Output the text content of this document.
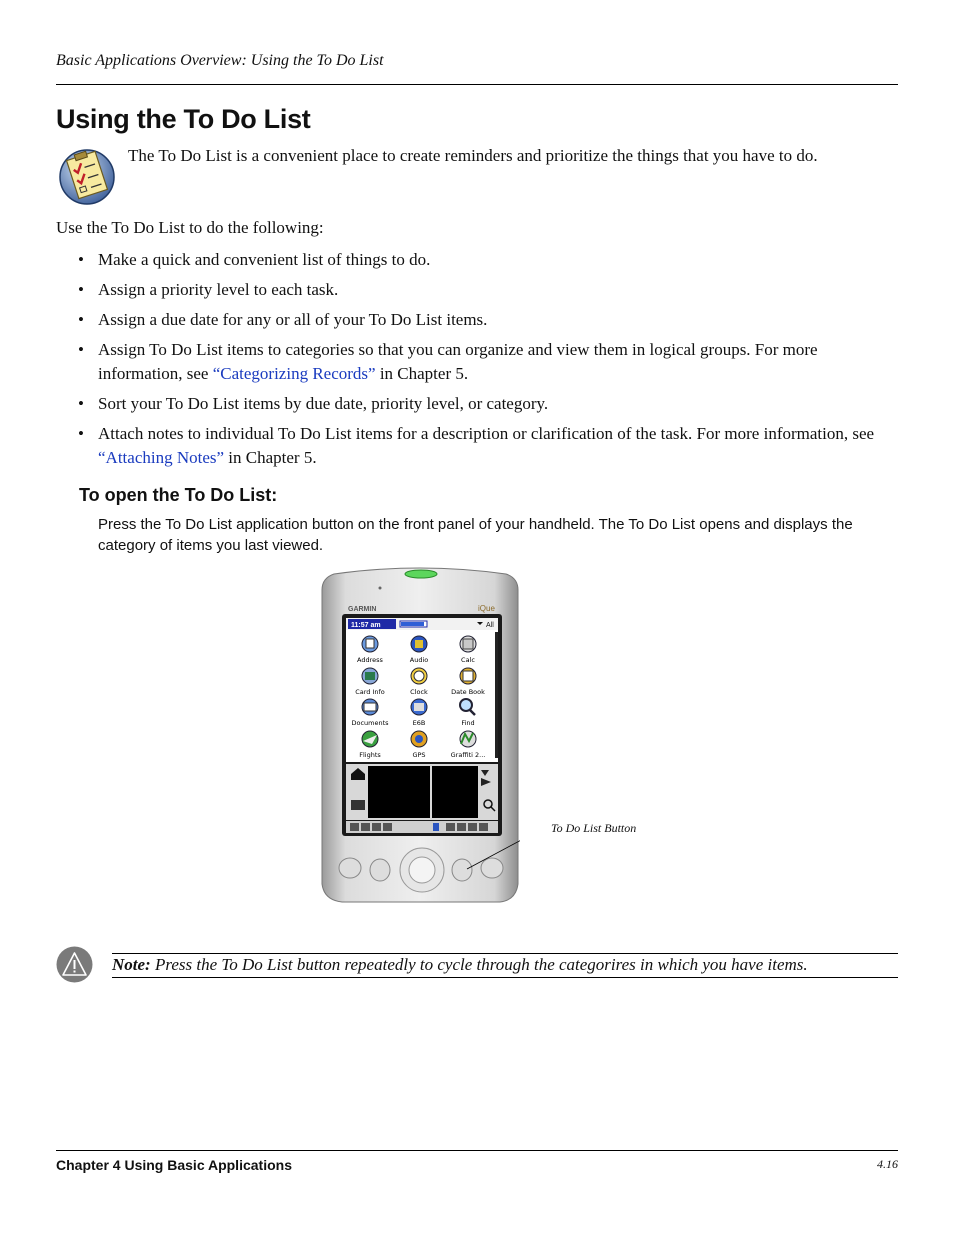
Basic Applications Overview: Using the To Do List
Using the To Do List
The To Do List is a convenient place to create reminders and prioritize the things that you have to do.
Use the To Do List to do the following:
• Make a quick and convenient list of things to do.
• Assign a priority level to each task.
• Assign a due date for any or all of your To Do List items.
• Assign To Do List items to categories so that you can organize and view them in logical groups. For more information, see “Categorizing Records” in Chapter 5.
• Sort your To Do List items by due date, priority level, or category.
• Attach notes to individual To Do List items for a description or clarification of the task. For more information, see “Attaching Notes” in Chapter 5.
To open the To Do List:
Press the To Do List application button on the front panel of your handheld. The To Do List opens and displays the category of items you last viewed.
GARMIN	iQue
11:57 am	All
Address	Audio	Calc
Card Info	Clock	Date Book
Documents	E6B	Find
Flights	GPS	Graffiti 2...
To Do List Button
Note: Press the To Do List button repeatedly to cycle through the categorires in which you have items.
Chapter 4 Using Basic Applications	4.16
